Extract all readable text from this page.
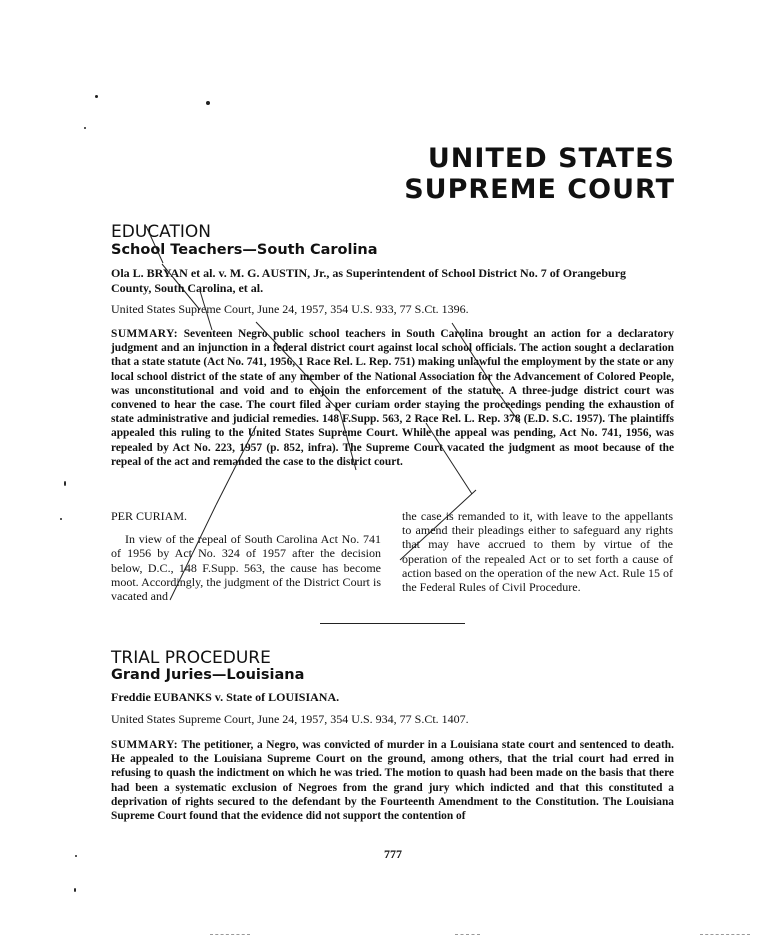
UNITED STATES
SUPREME COURT
EDUCATION
School Teachers—South Carolina
Ola L. BRYAN et al. v. M. G. AUSTIN, Jr., as Superintendent of School District No. 7 of Orangeburg County, South Carolina, et al.
United States Supreme Court, June 24, 1957, 354 U.S. 933, 77 S.Ct. 1396.
SUMMARY: Seventeen Negro public school teachers in South Carolina brought an action for a declaratory judgment and an injunction in a federal district court against local school officials. The action sought a declaration that a state statute (Act No. 741, 1956, 1 Race Rel. L. Rep. 751) making unlawful the employment by the state or any local school district of the state of any member of the National Association for the Advancement of Colored People, was unconstitutional and void and to enjoin the enforcement of the statute. A three-judge district court was convened to hear the case. The court filed a per curiam order staying the proceedings pending the exhaustion of state administrative and judicial remedies. 148 F.Supp. 563, 2 Race Rel. L. Rep. 378 (E.D. S.C. 1957). The plaintiffs appealed this ruling to the United States Supreme Court. While the appeal was pending, Act No. 741, 1956, was repealed by Act No. 223, 1957 (p. 852, infra). The Supreme Court vacated the judgment as moot because of the repeal of the act and remanded the case to the district court.

PER CURIAM.

In view of the repeal of South Carolina Act No. 741 of 1956 by Act No. 324 of 1957 after the decision below, D.C., 148 F.Supp. 563, the cause has become moot. Accordingly, the judgment of the District Court is vacated and

the case is remanded to it, with leave to the appellants to amend their pleadings either to safeguard any rights that may have accrued to them by virtue of the operation of the repealed Act or to set forth a cause of action based on the operation of the new Act. Rule 15 of the Federal Rules of Civil Procedure.

TRIAL PROCEDURE
Grand Juries—Louisiana
Freddie EUBANKS v. State of LOUISIANA.
United States Supreme Court, June 24, 1957, 354 U.S. 934, 77 S.Ct. 1407.
SUMMARY: The petitioner, a Negro, was convicted of murder in a Louisiana state court and sentenced to death. He appealed to the Louisiana Supreme Court on the ground, among others, that the trial court had erred in refusing to quash the indictment on which he was tried. The motion to quash had been made on the basis that there had been a systematic exclusion of Negroes from the grand jury which indicted and that this constituted a deprivation of rights secured to the defendant by the Fourteenth Amendment to the Constitution. The Louisiana Supreme Court found that the evidence did not support the contention of
777
